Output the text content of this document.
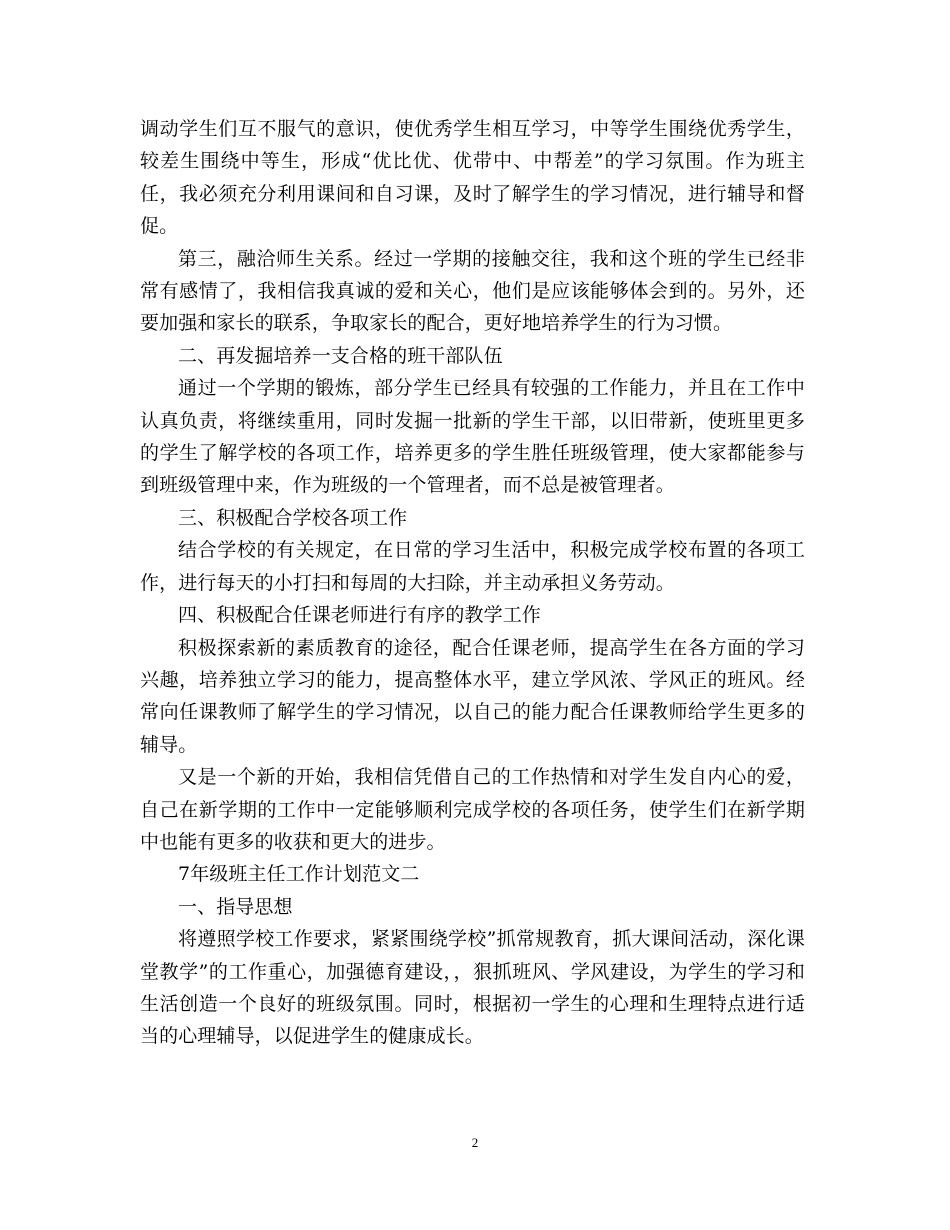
调动学生们互不服气的意识，使优秀学生相互学习，中等学生围绕优秀学生，较差生围绕中等生，形成“优比优、优带中、中帮差”的学习氛围。作为班主任，我必须充分利用课间和自习课，及时了解学生的学习情况，进行辅导和督促。

第三，融洽师生关系。经过一学期的接触交往，我和这个班的学生已经非常有感情了，我相信我真诚的爱和关心，他们是应该能够体会到的。另外，还要加强和家长的联系，争取家长的配合，更好地培养学生的行为习惯。

二、再发掘培养一支合格的班干部队伍

通过一个学期的锻炼，部分学生已经具有较强的工作能力，并且在工作中认真负责，将继续重用，同时发掘一批新的学生干部，以旧带新，使班里更多的学生了解学校的各项工作，培养更多的学生胜任班级管理，使大家都能参与到班级管理中来，作为班级的一个管理者，而不总是被管理者。

三、积极配合学校各项工作

结合学校的有关规定，在日常的学习生活中，积极完成学校布置的各项工作，进行每天的小打扫和每周的大扫除，并主动承担义务劳动。

四、积极配合任课老师进行有序的教学工作

积极探索新的素质教育的途径，配合任课老师，提高学生在各方面的学习兴趣，培养独立学习的能力，提高整体水平，建立学风浓、学风正的班风。经常向任课教师了解学生的学习情况，以自己的能力配合任课教师给学生更多的辅导。

又是一个新的开始，我相信凭借自己的工作热情和对学生发自内心的爱，自己在新学期的工作中一定能够顺利完成学校的各项任务，使学生们在新学期中也能有更多的收获和更大的进步。

7年级班主任工作计划范文二

一、指导思想

将遵照学校工作要求，紧紧围绕学校”抓常规教育，抓大课间活动，深化课堂教学”的工作重心，加强德育建设，，狠抓班风、学风建设，为学生的学习和生活创造一个良好的班级氛围。同时，根据初一学生的心理和生理特点进行适当的心理辅导，以促进学生的健康成长。

2
